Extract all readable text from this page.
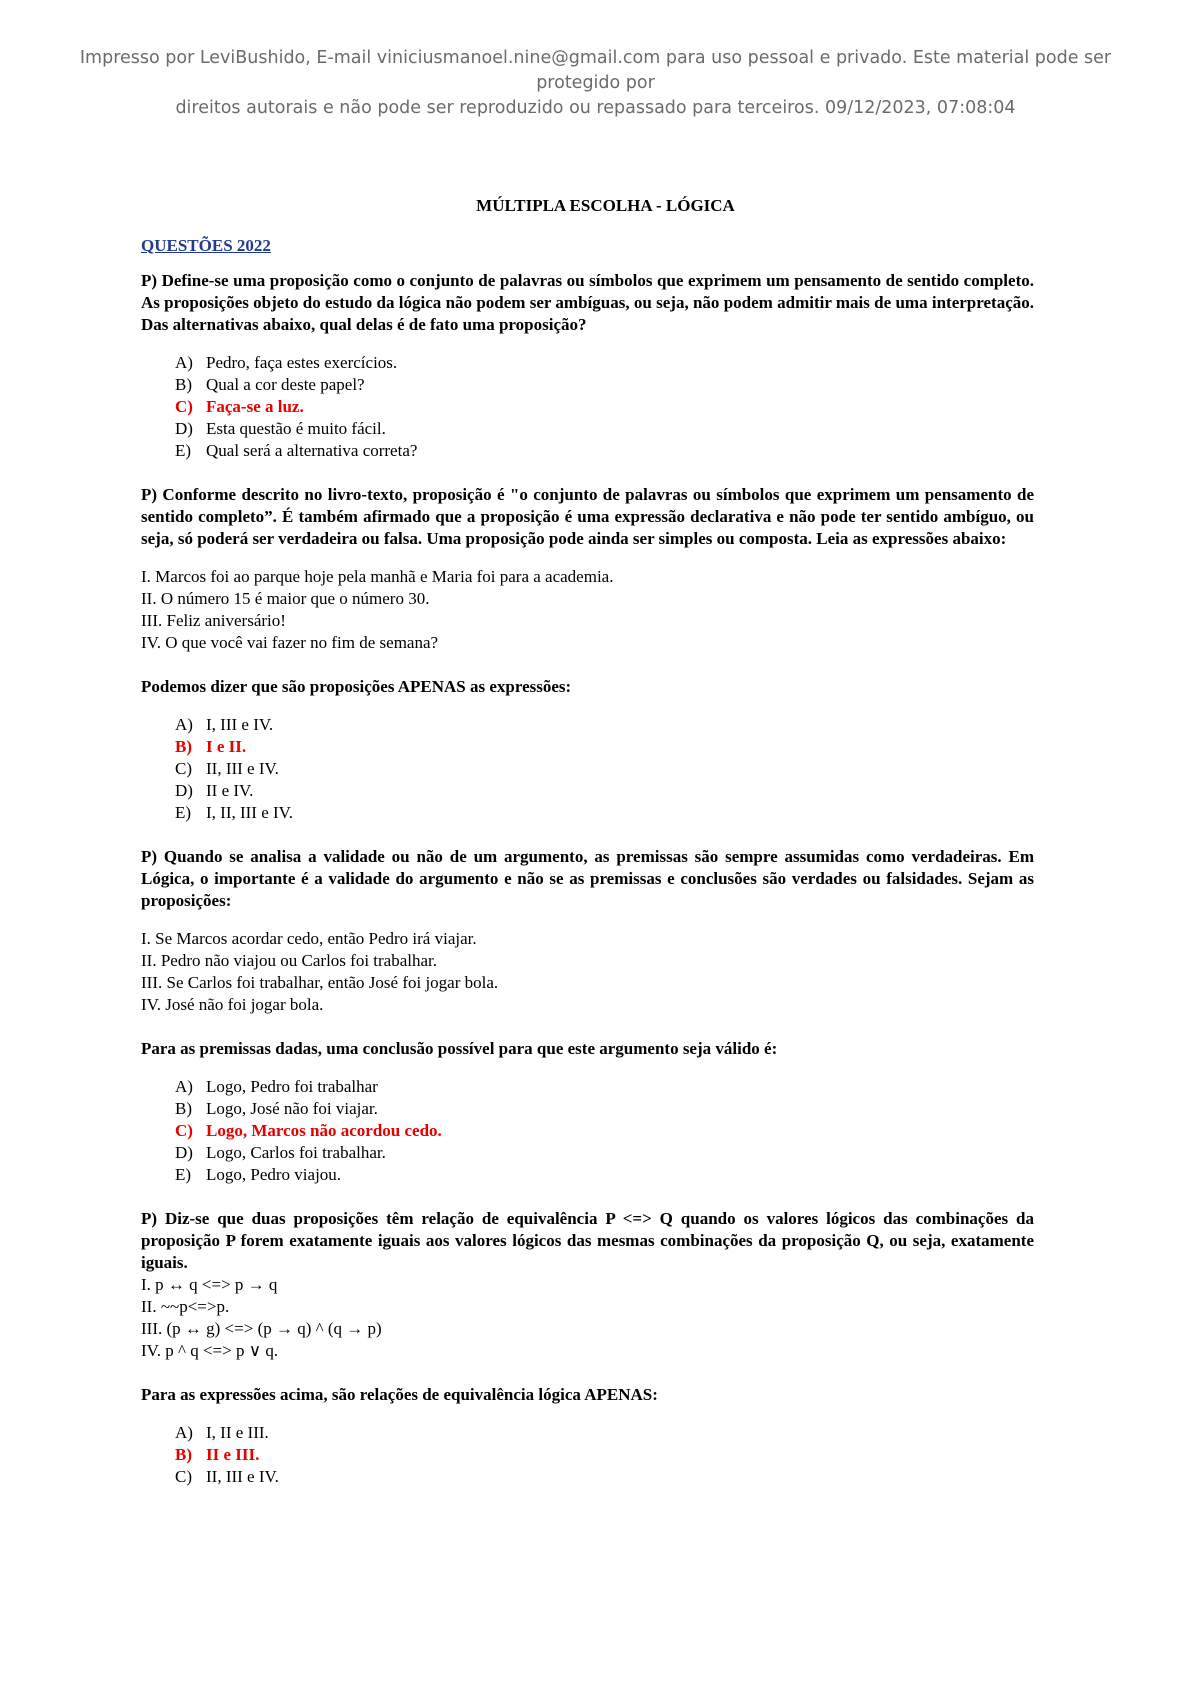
Impresso por LeviBushido, E-mail viniciusmanoel.nine@gmail.com para uso pessoal e privado. Este material pode ser protegido por
direitos autorais e não pode ser reproduzido ou repassado para terceiros. 09/12/2023, 07:08:04
MÚLTIPLA ESCOLHA - LÓGICA
QUESTÕES 2022

P) Define-se uma proposição como o conjunto de palavras ou símbolos que exprimem um pensamento de sentido completo. As proposições objeto do estudo da lógica não podem ser ambíguas, ou seja, não podem admitir mais de uma interpretação. Das alternativas abaixo, qual delas é de fato uma proposição?

A) Pedro, faça estes exercícios.
B) Qual a cor deste papel?
C) Faça-se a luz.
D) Esta questão é muito fácil.
E) Qual será a alternativa correta?

P) Conforme descrito no livro-texto, proposição é "o conjunto de palavras ou símbolos que exprimem um pensamento de sentido completo”. É também afirmado que a proposição é uma expressão declarativa e não pode ter sentido ambíguo, ou seja, só poderá ser verdadeira ou falsa. Uma proposição pode ainda ser simples ou composta. Leia as expressões abaixo:

I. Marcos foi ao parque hoje pela manhã e Maria foi para a academia.
II. O número 15 é maior que o número 30.
III. Feliz aniversário!
IV. O que você vai fazer no fim de semana?

Podemos dizer que são proposições APENAS as expressões:

A) I, III e IV.
B) I e II.
C) II, III e IV.
D) II e IV.
E) I, II, III e IV.

P) Quando se analisa a validade ou não de um argumento, as premissas são sempre assumidas como verdadeiras. Em Lógica, o importante é a validade do argumento e não se as premissas e conclusões são verdades ou falsidades. Sejam as proposições:

I. Se Marcos acordar cedo, então Pedro irá viajar.
II. Pedro não viajou ou Carlos foi trabalhar.
III. Se Carlos foi trabalhar, então José foi jogar bola.
IV. José não foi jogar bola.

Para as premissas dadas, uma conclusão possível para que este argumento seja válido é:

A) Logo, Pedro foi trabalhar
B) Logo, José não foi viajar.
C) Logo, Marcos não acordou cedo.
D) Logo, Carlos foi trabalhar.
E) Logo, Pedro viajou.

P) Diz-se que duas proposições têm relação de equivalência P <=> Q quando os valores lógicos das combinações da proposição P forem exatamente iguais aos valores lógicos das mesmas combinações da proposição Q, ou seja, exatamente iguais.

I. p ↔ q <=> p → q
II. ~~p<=>p.
III. (p ↔ g) <=> (p → q) ^ (q → p)
IV. p ^ q <=> p ∨ q.

Para as expressões acima, são relações de equivalência lógica APENAS:

A) I, II e III.
B) II e III.
C) II, III e IV.
